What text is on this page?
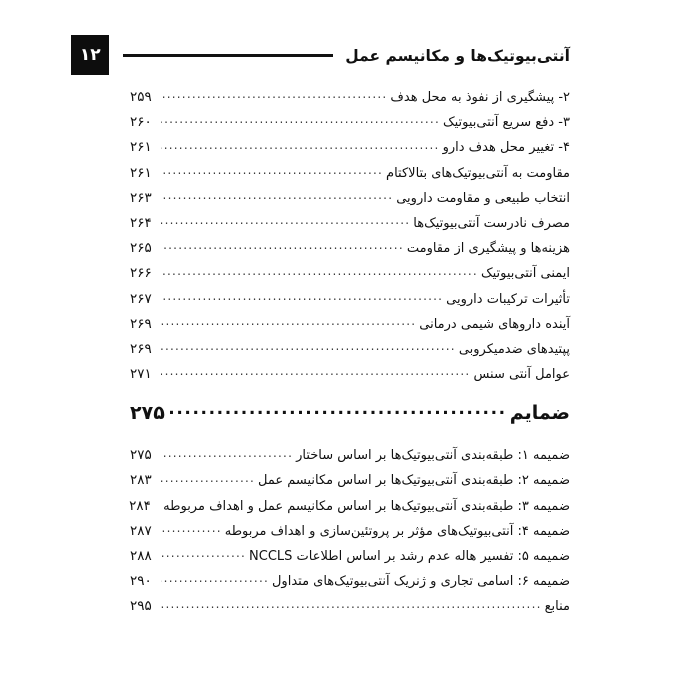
آنتی‌بیوتیک‌ها و مکانیسم عمل
۱۲
۲- پیشگیری از نفوذ به محل هدف
.....
۲۵۹
۳- دفع سریع آنتی‌بیوتیک
.....
۲۶۰
۴- تغییر محل هدف دارو
.....
۲۶۱
مقاومت به آنتی‌بیوتیک‌های بتالاکتام
.....
۲۶۱
انتخاب طبیعی و مقاومت دارویی
.....
۲۶۳
مصرف نادرست آنتی‌بیوتیک‌ها
.....
۲۶۴
هزینه‌ها و پیشگیری از مقاومت
.....
۲۶۵
ایمنی آنتی‌بیوتیک
.....
۲۶۶
تأثیرات ترکیبات دارویی
.....
۲۶۷
آینده داروهای شیمی درمانی
.....
۲۶۹
پپتیدهای ضدمیکروبی
.....
۲۶۹
عوامل آنتی سنس
.....
۲۷۱
ضمایم
.....
۲۷۵
ضمیمه ۱: طبقه‌بندی آنتی‌بیوتیک‌ها بر اساس ساختار
.....
۲۷۵
ضمیمه ۲: طبقه‌بندی آنتی‌بیوتیک‌ها بر اساس مکانیسم عمل
.....
۲۸۳
ضمیمه ۳: طبقه‌بندی آنتی‌بیوتیک‌ها بر اساس مکانیسم عمل و اهداف مربوطه
۲۸۴
ضمیمه ۴: آنتی‌بیوتیک‌های مؤثر بر پروتئین‌سازی و اهداف مربوطه
.....
۲۸۷
ضمیمه ۵: تفسیر هاله عدم رشد بر اساس اطلاعات NCCLS
.....
۲۸۸
ضمیمه ۶: اسامی تجاری و ژنریک آنتی‌بیوتیک‌های متداول
.....
۲۹۰
منابع
.....
۲۹۵
